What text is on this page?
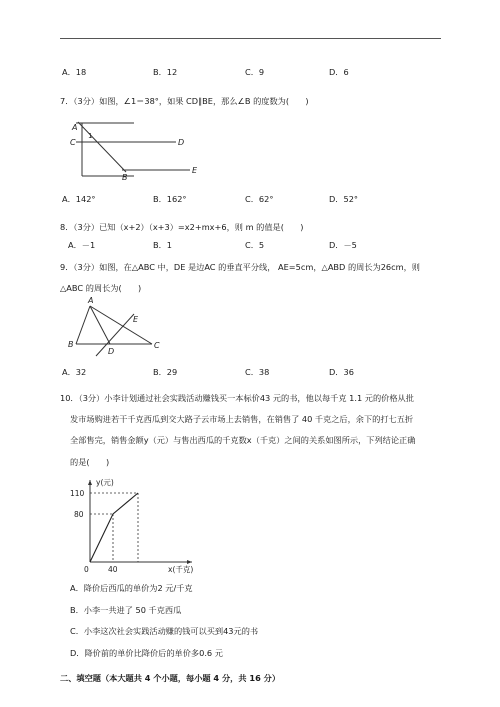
A．18	B．12	C．9	D．6
7．（3分）如图，∠1＝38°，如果 CD∥BE，那么∠B 的度数为(　　)
A
1
C	D
B
E
A．142°	B．162°	C．62°	D．52°
8．（3分）已知（x+2）（x+3）=x2+mx+6，则 m 的值是(　　)
A．－1	B．1	C．5	D．－5
9．（3分）如图，在△ABC 中，DE 是边AC 的垂直平分线， AE=5cm，△ABD 的周长为26cm，则
△ABC 的周长为(　　)
A
E
B
D
C
A．32	B．29	C．38	D．36
10．（3分）小李计划通过社会实践活动赚钱买一本标价43 元的书，他以每千克 1.1 元的价格从批
发市场购进若干千克西瓜到交大路子云市场上去销售，在销售了 40 千克之后，余下的打七五折
全部售完，销售金额y（元）与售出西瓜的千克数x（千克）之间的关系如图所示，下列结论正确
的是(　　)
y(元)
x(千克)
110
80
0	40
A．降价后西瓜的单价为2 元/千克
B．小李一共进了 50 千克西瓜
C．小李这次社会实践活动赚的钱可以买到43元的书
D．降价前的单价比降价后的单价多0.6 元
二、填空题（本大题共 4 个小题，每小题 4 分，共 16 分）
